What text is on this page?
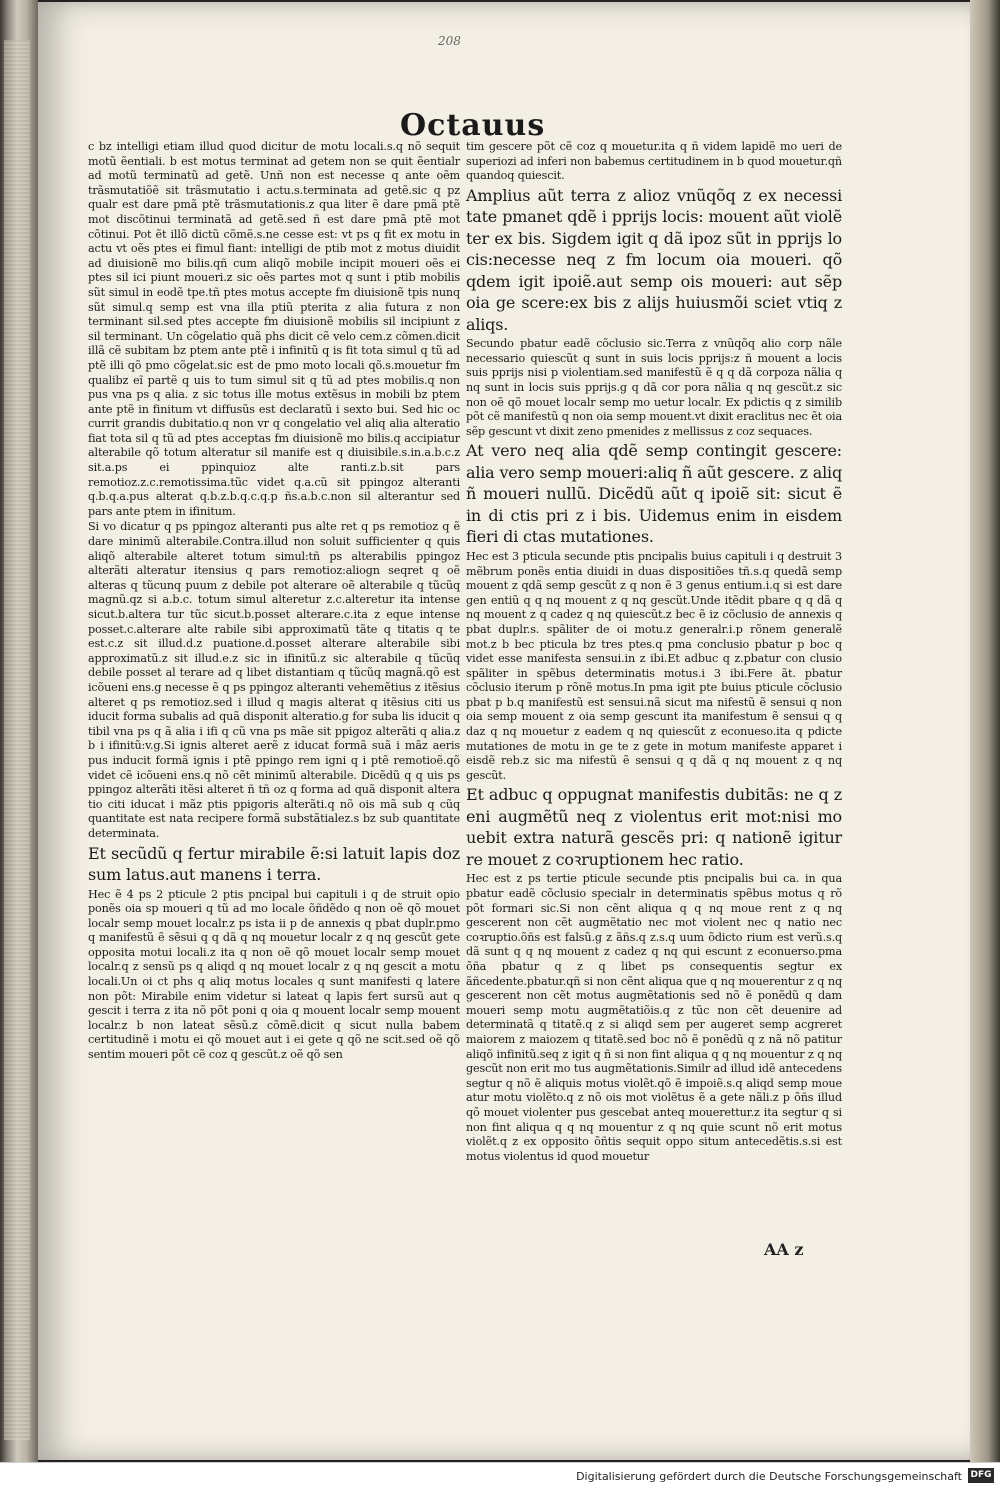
208
Octauus

c bz intelligi etiam illud quod dicitur de motu locali.s.q nõ sequit motũ ẽentiali. b est motus terminat ad getem non se quit ẽentialr ad motũ terminatũ ad getẽ. Unñ non est necesse q ante oẽm trãsmutatiõẽ sit trãsmutatio i actu.s.terminata ad getẽ.sic q pz qualr est dare pmã ptẽ trãsmutationis.z qua liter ẽ dare pmã ptẽ mot discõtinui terminatã ad getẽ.sed ñ est dare pmã ptẽ mot cõtinui. Pot ẽt illõ dictũ cõmẽ.s.ne cesse est: vt ps q fit ex motu in actu vt oẽs ptes ei fimul fiant: intelligi de ptib mot z motus diuidit ad diuisionẽ mo bilis.qñ cum aliqõ mobile incipit moueri oẽs ei ptes sil ici piunt moueri.z sic oẽs partes mot q sunt i ptib mobilis sũt simul in eodẽ tpe.tñ ptes motus accepte fm diuisionẽ tpis nunq sũt simul.q semp est vna illa ptiũ pterita z alia futura z non terminant sil.sed ptes accepte fm diuisionẽ mobilis sil incipiunt z sil terminant. Un cõgelatio quã phs dicit cẽ velo cem.z cõmen.dicit illã cẽ subitam bz ptem ante ptẽ i infinitũ q is fit tota simul q tũ ad ptẽ illi qõ pmo cõgelat.sic est de pmo moto locali qõ.s.mouetur fm qualibz eĩ partẽ q uis to tum simul sit q tũ ad ptes mobilis.q non pus vna ps q alia. z sic totus ille motus extẽsus in mobili bz ptem ante ptẽ in finitum vt diffusũs est declaratũ i sexto bui. Sed hic oc currit grandis dubitatio.q non vr q congelatio vel aliq alia alteratio fiat tota sil q tũ ad ptes acceptas fm diuisionẽ mo bilis.q accipiatur alterabile qõ totum alteratur sil manife est q diuisibile.s.in.a.b.c.z sit.a.ps ei ppinquioz alte ranti.z.b.sit pars remotioz.z.c.remotissima.tũc videt q.a.cũ sit ppingoz alteranti q.b.q.a.pus alterat q.b.z.b.q.c.q.p ñs.a.b.c.non sil alterantur sed pars ante ptem in ifinitum.

Si vo dicatur q ps ppingoz alteranti pus alte ret q ps remotioz q ẽ dare minimũ alterabile.Contra.illud non soluit sufficienter q quis aliqõ alterabile alteret totum simul:tñ ps alterabilis ppingoz alterãti alteratur itensius q pars remotioz:aliogn seqret q oẽ alteras q tũcunq puum z debile pot alterare oẽ alterabile q tũcũq magnũ.qz si a.b.c. totum simul alteretur z.c.alteretur ita intense sicut.b.altera tur tũc sicut.b.posset alterare.c.ita z eque intense posset.c.alterare alte rabile sibi approximatũ tãte q titatis q te est.c.z sit illud.d.z puatione.d.posset alterare alterabile sibi approximatũ.z sit illud.e.z sic in ifinitũ.z sic alterabile q tũcũq debile posset al terare ad q libet distantiam q tũcũq magnã.qõ est icõueni ens.g necesse ẽ q ps ppingoz alteranti vehemẽtius z itẽsius alteret q ps remotioz.sed i illud q magis alterat q itẽsius citi us iducit forma subalis ad quã disponit alteratio.g for suba lis iducit q tibil vna ps q ã alia i ifi q cũ vna ps mãe sit ppigoz alterãti q alia.z b i ifinitũ:v.g.Si ignis alteret aerẽ z iducat formã suã i mãz aeris pus inducit formã ignis i ptẽ ppingo rem igni q i ptẽ remotioẽ.qõ videt cẽ icõueni ens.q nõ cẽt minimũ alterabile. Dicẽdũ q q uis ps ppingoz alterãti itẽsi alteret ñ tñ oz q forma ad quã disponit altera tio citi iducat i mãz ptis ppigoris alterãti.q nõ ois mã sub q cũq quantitate est nata recipere formã substãtialez.s bz sub quantitate determinata.

Et secũdũ q fertur mirabile ẽ:si latuit lapis doz sum latus.aut manens i terra.

Hec ẽ 4 ps 2 pticule 2 ptis pncipal bui capituli i q de struit opio ponẽs oia sp moueri q tũ ad mo locale õñdẽdo q non oẽ qõ mouet localr semp mouet localr.z ps ista ii p de annexis q pbat duplr.pmo q manifestũ ẽ sẽsui q q dã q nq mouetur localr z q nq gescũt gete opposita motui locali.z ita q non oẽ qõ mouet localr semp mouet localr.q z sensũ ps q aliqd q nq mouet localr z q nq gescit a motu locali.Un oi ct phs q aliq motus locales q sunt manifesti q latere non põt: Mirabile enim videtur si lateat q lapis fert sursũ aut q gescit i terra z ita nõ põt poni q oia q mouent localr semp mouent localr.z b non lateat sẽsũ.z cõmẽ.dicit q sicut nulla babem certitudinẽ i motu ei qõ mouet aut i ei gete q qõ ne scit.sed oẽ qõ sentim moueri põt cẽ coz q gescũt.z oẽ qõ sen

tim gescere põt cẽ coz q mouetur.ita q ñ videm lapidẽ mo ueri de superiozi ad inferi non babemus certitudinem in b quod mouetur.qñ quandoq quiescit.

Amplius aũt terra z alioz vnũqõq z ex necessi tate pmanet qdẽ i pprijs locis: mouent aũt violẽ ter ex bis. Sigdem igit q dã ipoz sũt in pprijs lo cis:necesse neq z fm locum oia moueri. qõ qdem igit ipoiẽ.aut semp ois moueri: aut sẽp oia ge scere:ex bis z alijs huiusmõi sciet vtiq z aliqs.

Secundo pbatur eadẽ cõclusio sic.Terra z vnũqõq alio corp nãle necessario quiescũt q sunt in suis locis pprijs:z ñ mouent a locis suis pprijs nisi p violentiam.sed manifestũ ẽ q q dã corpoza nãlia q nq sunt in locis suis pprijs.g q dã cor pora nãlia q nq gescũt.z sic non oẽ qõ mouet localr semp mo uetur localr. Ex pdictis q z similib põt cẽ manifestũ q non oia semp mouent.vt dixit eraclitus nec ẽt oia sẽp gescunt vt dixit zeno pmenides z mellissus z coz sequaces.

At vero neq alia qdẽ semp contingit gescere: alia vero semp moueri:aliq ñ aũt gescere. z aliq ñ moueri nullũ. Dicẽdũ aũt q ipoiẽ sit: sicut ẽ in di ctis pri z i bis. Uidemus enim in eisdem fieri di ctas mutationes.

Hec est 3 pticula secunde ptis pncipalis buius capituli i q destruit 3 mẽbrum ponẽs entia diuidi in duas dispositiões tñ.s.q quedã semp mouent z qdã semp gescũt z q non ẽ 3 genus entium.i.q si est dare gen entiũ q q nq mouent z q nq gescũt.Unde itẽdit pbare q q dã q nq mouent z q cadez q nq quiescũt.z bec ẽ iz cõclusio de annexis q pbat duplr.s. spãliter de oi motu.z generalr.i.p rõnem generalẽ mot.z b bec pticula bz tres ptes.q pma conclusio pbatur p boc q videt esse manifesta sensui.in z ibi.Et adbuc q z.pbatur con clusio spãliter in spẽbus determinatis motus.i 3 ibi.Fere ãt. pbatur cõclusio iterum p rõnẽ motus.In pma igit pte buius pticule cõclusio pbat p b.q manifestũ est sensui.nã sicut ma nifestũ ẽ sensui q non oia semp mouent z oia semp gescunt ita manifestum ẽ sensui q q daz q nq mouetur z eadem q nq quiescũt z econueso.ita q pdicte mutationes de motu in ge te z gete in motum manifeste apparet i eisdẽ reb.z sic ma nifestũ ẽ sensui q q dã q nq mouent z q nq gescũt.

Et adbuc q oppugnat manifestis dubitãs: ne q z eni augmẽtũ neq z violentus erit mot:nisi mo uebit extra naturã gescẽs pri: q nationẽ igitur re mouet z coꝛruptionem hec ratio.

Hec est z ps tertie pticule secunde ptis pncipalis bui ca. in qua pbatur eadẽ cõclusio specialr in determinatis spẽbus motus q rõ põt formari sic.Si non cẽnt aliqua q q nq moue rent z q nq gescerent non cẽt augmẽtatio nec mot violent nec q natio nec coꝛruptio.õñs est falsũ.g z ãñs.q z.s.q uum õdicto rium est verũ.s.q dã sunt q q nq mouent z cadez q nq qui escunt z econuerso.pma õña pbatur q z q libet ps consequentis segtur ex ãñcedente.pbatur.qñ si non cẽnt aliqua que q nq mouerentur z q nq gescerent non cẽt motus augmẽtationis sed nõ ẽ ponẽdũ q dam moueri semp motu augmẽtatiõis.q z tũc non cẽt deuenire ad determinatã q titatẽ.q z si aliqd sem per augeret semp acgreret maiorem z maiozem q titatẽ.sed boc nõ ẽ ponẽdũ q z nã nõ patitur aliqõ infinitũ.seq z igit q ñ si non fint aliqua q q nq mouentur z q nq gescũt non erit mo tus augmẽtationis.Similr ad illud idẽ antecedens segtur q nõ ẽ aliquis motus violẽt.qõ ẽ impoiẽ.s.q aliqd semp moue atur motu violẽto.q z nõ ois mot violẽtus ẽ a gete nãli.z p õñs illud qõ mouet violenter pus gescebat anteq mouerettur.z ita segtur q si non fint aliqua q q nq mouentur z q nq quie scunt nõ erit motus violẽt.q z ex opposito õñtis sequit oppo situm antecedẽtis.s.si est motus violentus id quod mouetur

AA z
Digitalisierung gefördert durch die Deutsche Forschungsgemeinschaft DFG
